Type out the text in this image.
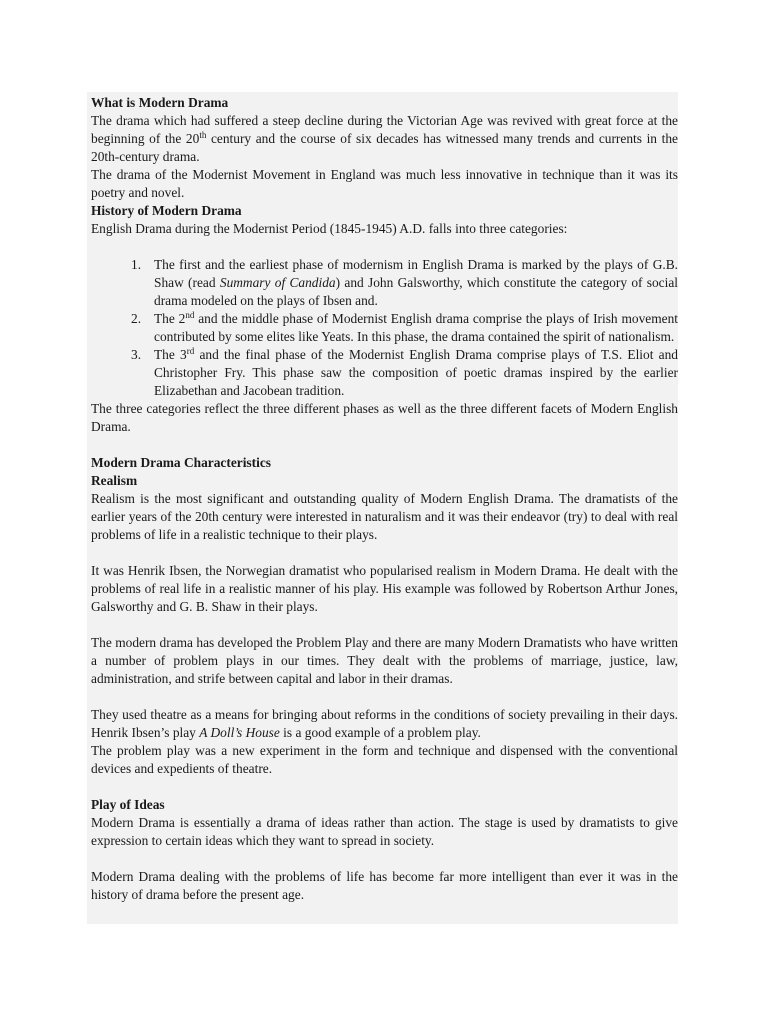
What is Modern Drama

The drama which had suffered a steep decline during the Victorian Age was revived with great force at the beginning of the 20th century and the course of six decades has witnessed many trends and currents in the 20th-century drama.

The drama of the Modernist Movement in England was much less innovative in technique than it was its poetry and novel.

History of Modern Drama

English Drama during the Modernist Period (1845-1945) A.D. falls into three categories:

1. The first and the earliest phase of modernism in English Drama is marked by the plays of G.B. Shaw (read Summary of Candida) and John Galsworthy, which constitute the category of social drama modeled on the plays of Ibsen and.
2. The 2nd and the middle phase of Modernist English drama comprise the plays of Irish movement contributed by some elites like Yeats. In this phase, the drama contained the spirit of nationalism.
3. The 3rd and the final phase of the Modernist English Drama comprise plays of T.S. Eliot and Christopher Fry. This phase saw the composition of poetic dramas inspired by the earlier Elizabethan and Jacobean tradition.

The three categories reflect the three different phases as well as the three different facets of Modern English Drama.

Modern Drama Characteristics

Realism

Realism is the most significant and outstanding quality of Modern English Drama. The dramatists of the earlier years of the 20th century were interested in naturalism and it was their endeavor (try) to deal with real problems of life in a realistic technique to their plays.

It was Henrik Ibsen, the Norwegian dramatist who popularised realism in Modern Drama. He dealt with the problems of real life in a realistic manner of his play. His example was followed by Robertson Arthur Jones, Galsworthy and G. B. Shaw in their plays.

The modern drama has developed the Problem Play and there are many Modern Dramatists who have written a number of problem plays in our times. They dealt with the problems of marriage, justice, law, administration, and strife between capital and labor in their dramas.

They used theatre as a means for bringing about reforms in the conditions of society prevailing in their days. Henrik Ibsen’s play A Doll’s House is a good example of a problem play.

The problem play was a new experiment in the form and technique and dispensed with the conventional devices and expedients of theatre.

Play of Ideas

Modern Drama is essentially a drama of ideas rather than action. The stage is used by dramatists to give expression to certain ideas which they want to spread in society.

Modern Drama dealing with the problems of life has become far more intelligent than ever it was in the history of drama before the present age.
